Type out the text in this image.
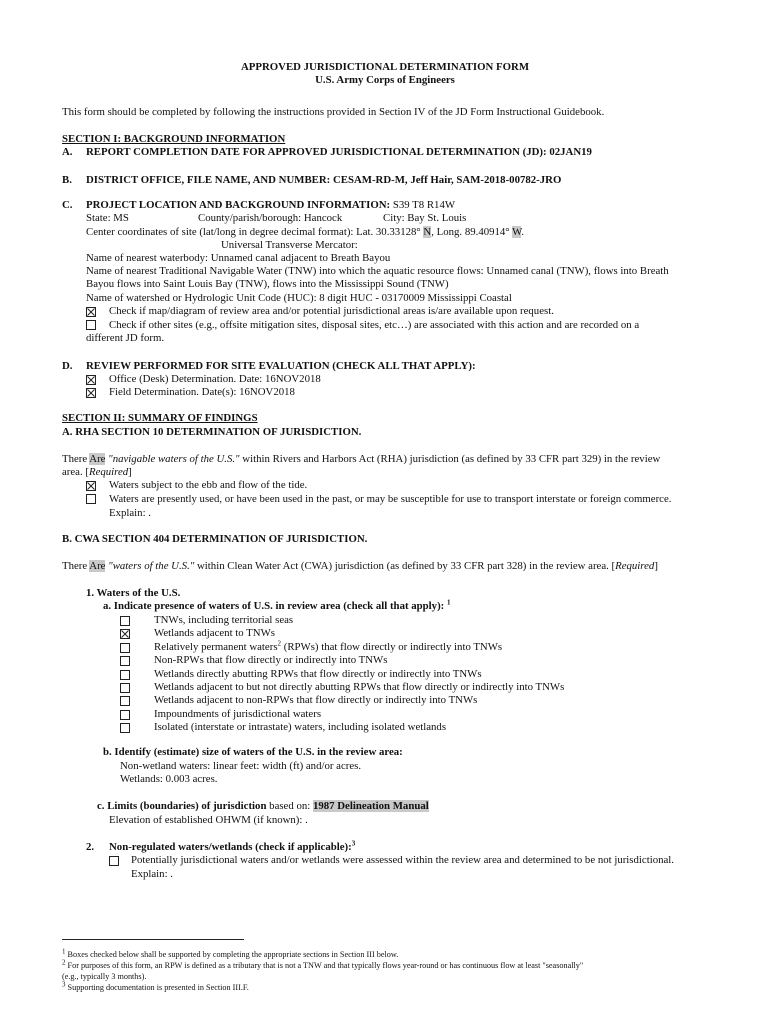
APPROVED JURISDICTIONAL DETERMINATION FORM
U.S. Army Corps of Engineers
This form should be completed by following the instructions provided in Section IV of the JD Form Instructional Guidebook.
SECTION I: BACKGROUND INFORMATION
A. REPORT COMPLETION DATE FOR APPROVED JURISDICTIONAL DETERMINATION (JD): 02JAN19
B. DISTRICT OFFICE, FILE NAME, AND NUMBER: CESAM-RD-M, Jeff Hair, SAM-2018-00782-JRO
C. PROJECT LOCATION AND BACKGROUND INFORMATION: S39 T8 R14W
State: MS	County/parish/borough: Hancock	City: Bay St. Louis
Center coordinates of site (lat/long in degree decimal format): Lat. 30.33128° N, Long. 89.40914° W.
Universal Transverse Mercator:
Name of nearest waterbody: Unnamed canal adjacent to Breath Bayou
Name of nearest Traditional Navigable Water (TNW) into which the aquatic resource flows: Unnamed canal (TNW), flows into Breath
Bayou flows into Saint Louis Bay (TNW), flows into the Mississippi Sound (TNW)
Name of watershed or Hydrologic Unit Code (HUC): 8 digit HUC - 03170009 Mississippi Coastal
Check if map/diagram of review area and/or potential jurisdictional areas is/are available upon request.
Check if other sites (e.g., offsite mitigation sites, disposal sites, etc…) are associated with this action and are recorded on a
different JD form.
D. REVIEW PERFORMED FOR SITE EVALUATION (CHECK ALL THAT APPLY):
Office (Desk) Determination. Date: 16NOV2018
Field Determination. Date(s): 16NOV2018
SECTION II: SUMMARY OF FINDINGS
A. RHA SECTION 10 DETERMINATION OF JURISDICTION.
There Are "navigable waters of the U.S." within Rivers and Harbors Act (RHA) jurisdiction (as defined by 33 CFR part 329) in the review
area. [Required]
Waters subject to the ebb and flow of the tide.
Waters are presently used, or have been used in the past, or may be susceptible for use to transport interstate or foreign commerce.
Explain: .
B. CWA SECTION 404 DETERMINATION OF JURISDICTION.
There Are "waters of the U.S." within Clean Water Act (CWA) jurisdiction (as defined by 33 CFR part 328) in the review area. [Required]
1. Waters of the U.S.
a. Indicate presence of waters of U.S. in review area (check all that apply): $^1$
TNWs, including territorial seas
Wetlands adjacent to TNWs
Relatively permanent waters$^2$ (RPWs) that flow directly or indirectly into TNWs
Non-RPWs that flow directly or indirectly into TNWs
Wetlands directly abutting RPWs that flow directly or indirectly into TNWs
Wetlands adjacent to but not directly abutting RPWs that flow directly or indirectly into TNWs
Wetlands adjacent to non-RPWs that flow directly or indirectly into TNWs
Impoundments of jurisdictional waters
Isolated (interstate or intrastate) waters, including isolated wetlands
b. Identify (estimate) size of waters of the U.S. in the review area:
Non-wetland waters: linear feet: width (ft) and/or acres.
Wetlands: 0.003 acres.
c. Limits (boundaries) of jurisdiction based on: 1987 Delineation Manual
Elevation of established OHWM (if known): .
2. Non-regulated waters/wetlands (check if applicable):$^3$
Potentially jurisdictional waters and/or wetlands were assessed within the review area and determined to be not jurisdictional.
Explain: .
$^1$ Boxes checked below shall be supported by completing the appropriate sections in Section III below.
$^2$ For purposes of this form, an RPW is defined as a tributary that is not a TNW and that typically flows year-round or has continuous flow at least "seasonally"
(e.g., typically 3 months).
$^3$ Supporting documentation is presented in Section III.F.
